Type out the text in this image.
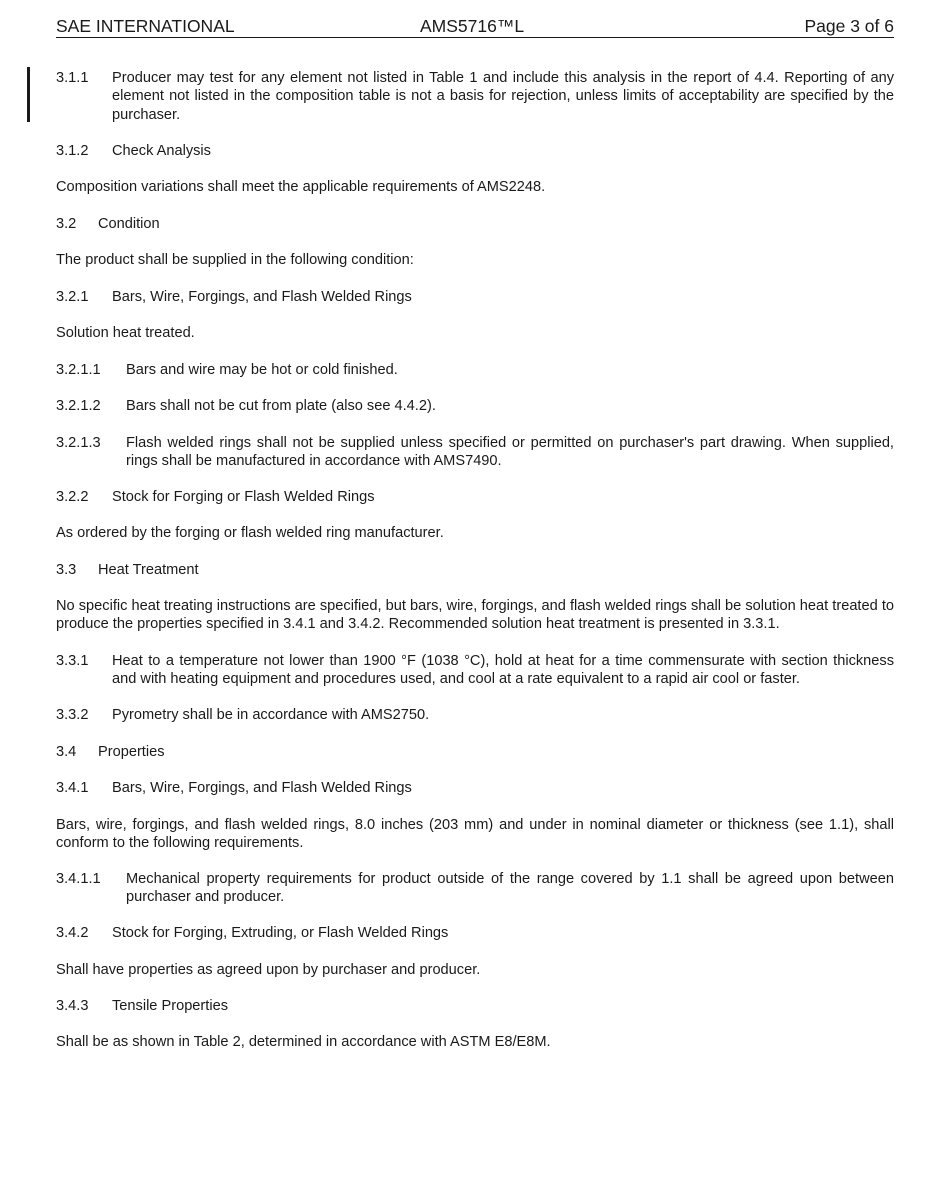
SAE INTERNATIONAL	AMS5716™L	Page 3 of 6
3.1.1 Producer may test for any element not listed in Table 1 and include this analysis in the report of 4.4. Reporting of any element not listed in the composition table is not a basis for rejection, unless limits of acceptability are specified by the purchaser.
3.1.2 Check Analysis
Composition variations shall meet the applicable requirements of AMS2248.
3.2 Condition
The product shall be supplied in the following condition:
3.2.1 Bars, Wire, Forgings, and Flash Welded Rings
Solution heat treated.
3.2.1.1 Bars and wire may be hot or cold finished.
3.2.1.2 Bars shall not be cut from plate (also see 4.4.2).
3.2.1.3 Flash welded rings shall not be supplied unless specified or permitted on purchaser's part drawing. When supplied, rings shall be manufactured in accordance with AMS7490.
3.2.2 Stock for Forging or Flash Welded Rings
As ordered by the forging or flash welded ring manufacturer.
3.3 Heat Treatment
No specific heat treating instructions are specified, but bars, wire, forgings, and flash welded rings shall be solution heat treated to produce the properties specified in 3.4.1 and 3.4.2. Recommended solution heat treatment is presented in 3.3.1.
3.3.1 Heat to a temperature not lower than 1900 °F (1038 °C), hold at heat for a time commensurate with section thickness and with heating equipment and procedures used, and cool at a rate equivalent to a rapid air cool or faster.
3.3.2 Pyrometry shall be in accordance with AMS2750.
3.4 Properties
3.4.1 Bars, Wire, Forgings, and Flash Welded Rings
Bars, wire, forgings, and flash welded rings, 8.0 inches (203 mm) and under in nominal diameter or thickness (see 1.1), shall conform to the following requirements.
3.4.1.1 Mechanical property requirements for product outside of the range covered by 1.1 shall be agreed upon between purchaser and producer.
3.4.2 Stock for Forging, Extruding, or Flash Welded Rings
Shall have properties as agreed upon by purchaser and producer.
3.4.3 Tensile Properties
Shall be as shown in Table 2, determined in accordance with ASTM E8/E8M.
